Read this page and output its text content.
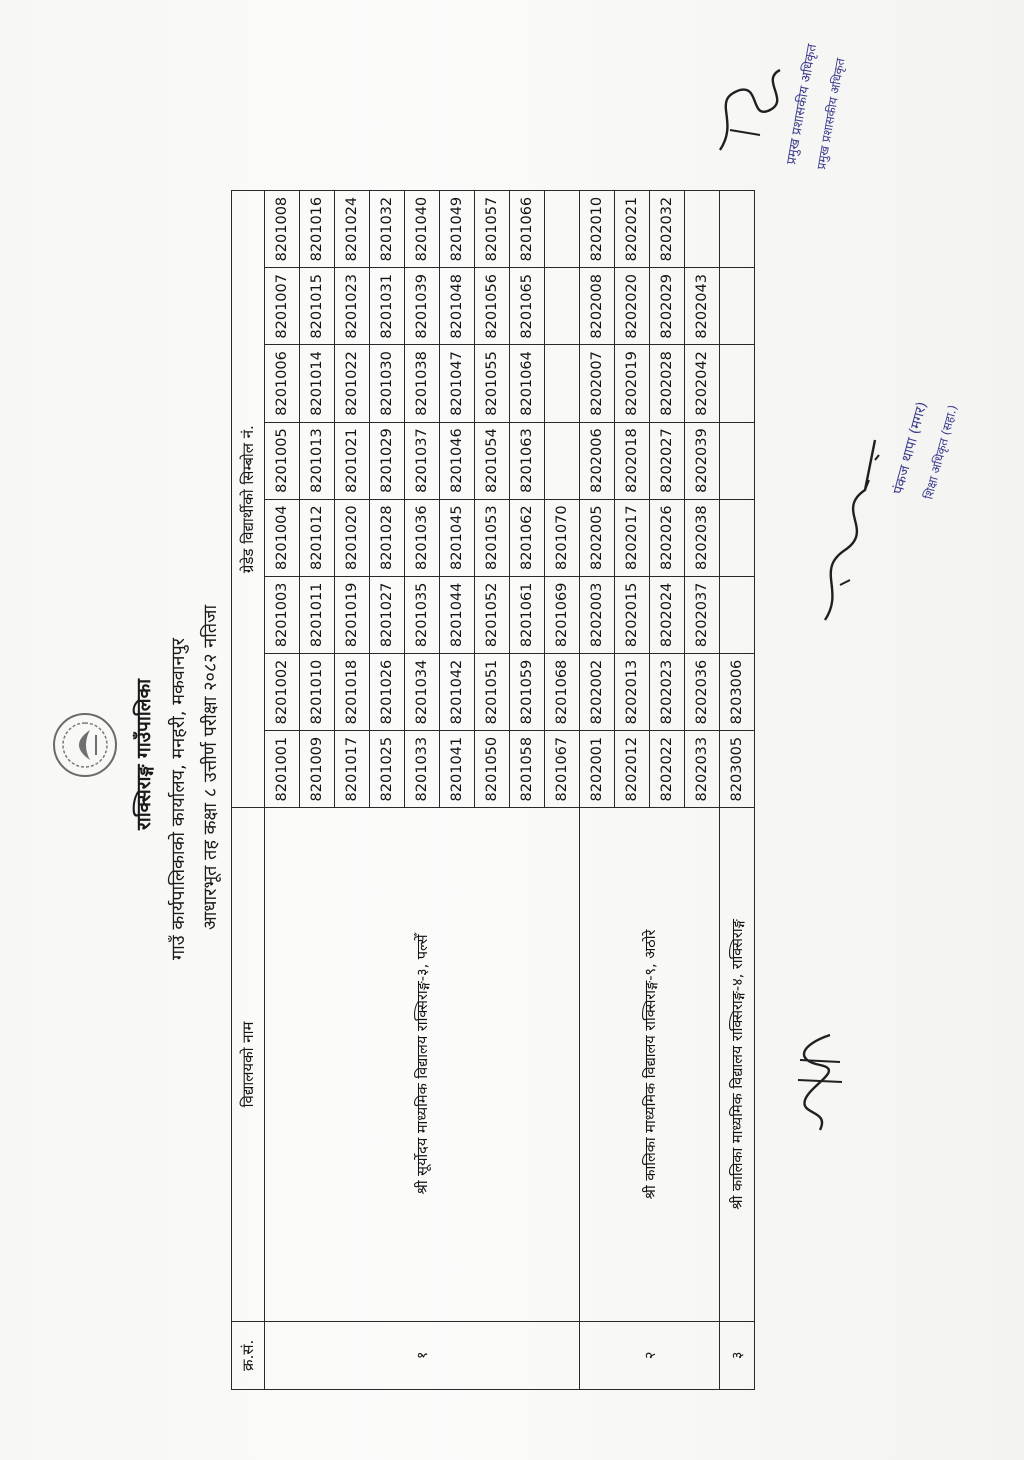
राक्सिराङ्ग गाउँपालिका गाउँ कार्यपालिकाको कार्यालय, मनहरी, मकवानपुर आधारभूत तह कक्षा ८ उत्तीर्ण परीक्षा २०८२ नतिजा
क्र.सं.	विद्यालयको नाम	ग्रेडेड विद्यार्थीको सिम्बोल नं.							
१	श्री सूर्योदय माध्यमिक विद्यालय राक्सिराङ्ग-३, पल्सेँ	8201001	8201002	8201003	8201004	8201005	8201006	8201007	8201008
		8201009	8201010	8201011	8201012	8201013	8201014	8201015	8201016
		8201017	8201018	8201019	8201020	8201021	8201022	8201023	8201024
		8201025	8201026	8201027	8201028	8201029	8201030	8201031	8201032
		8201033	8201034	8201035	8201036	8201037	8201038	8201039	8201040
		8201041	8201042	8201044	8201045	8201046	8201047	8201048	8201049
		8201050	8201051	8201052	8201053	8201054	8201055	8201056	8201057
		8201058	8201059	8201061	8201062	8201063	8201064	8201065	8201066
		8201067	8201068	8201069	8201070				
२	श्री कालिका माध्यमिक विद्यालय राक्सिराङ्ग-९, अठोरे	8202001	8202002	8202003	8202005	8202006	8202007	8202008	8202010
		8202012	8202013	8202015	8202017	8202018	8202019	8202020	8202021
		8202022	8202023	8202024	8202026	8202027	8202028	8202029	8202032
		8202033	8202036	8202037	8202038	8202039	8202042	8202043	
३	श्री कालिका माध्यमिक विद्यालय राक्सिराङ्ग-४, राक्सिराङ्ग	8203005	8203006						
पंकज थापा (मगर)
शिक्षा अधिकृत (सहा.)
प्रमुख प्रशासकीय अधिकृत
प्रमुख प्रशासकीय अधिकृत
